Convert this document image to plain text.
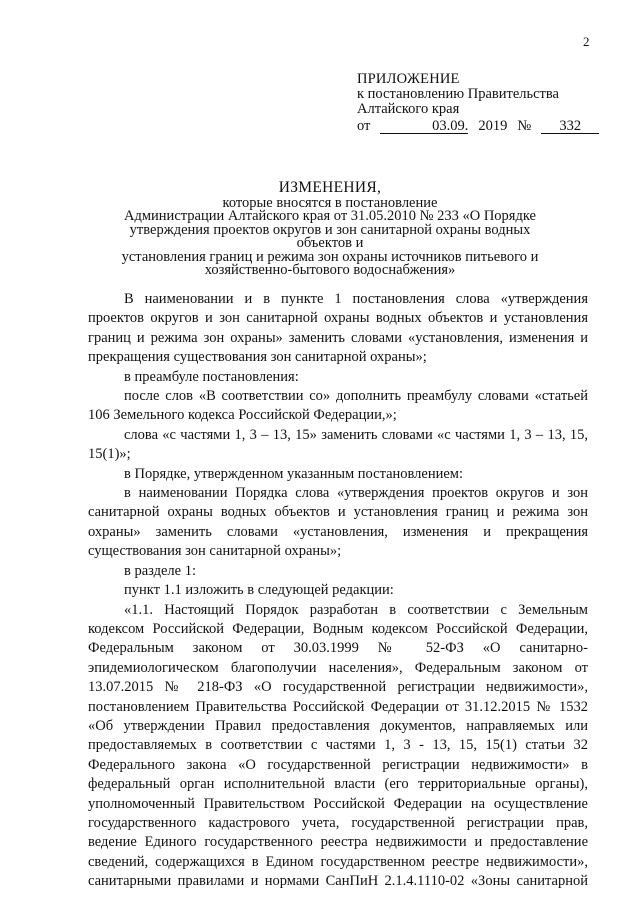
2
ПРИЛОЖЕНИЕ
к постановлению Правительства
Алтайского края
от	03.09. 2019 № 332
ИЗМЕНЕНИЯ,
которые вносятся в постановление
Администрации Алтайского края от 31.05.2010 № 233 «О Порядке
утверждения проектов округов и зон санитарной охраны водных объектов и
установления границ и режима зон охраны источников питьевого и
хозяйственно-бытового водоснабжения»

В наименовании и в пункте 1 постановления слова «утверждения проектов округов и зон санитарной охраны водных объектов и установления границ и режима зон охраны» заменить словами «установления, изменения и прекращения существования зон санитарной охраны»;

в преамбуле постановления:

после слов «В соответствии со» дополнить преамбулу словами «статьей 106 Земельного кодекса Российской Федерации,»;

слова «с частями 1, 3 – 13, 15» заменить словами «с частями 1, 3 – 13, 15, 15(1)»;

в Порядке, утвержденном указанным постановлением:

в наименовании Порядка слова «утверждения проектов округов и зон санитарной охраны водных объектов и установления границ и режима зон охраны» заменить словами «установления, изменения и прекращения существования зон санитарной охраны»;

в разделе 1:

пункт 1.1 изложить в следующей редакции:

«1.1. Настоящий Порядок разработан в соответствии с Земельным кодексом Российской Федерации, Водным кодексом Российской Федерации, Федеральным законом от 30.03.1999 № 52-ФЗ «О санитарно-эпидемиологическом благополучии населения», Федеральным законом от 13.07.2015 № 218-ФЗ «О государственной регистрации недвижимости», постановлением Правительства Российской Федерации от 31.12.2015 № 1532 «Об утверждении Правил предоставления документов, направляемых или предоставляемых в соответствии с частями 1, 3 - 13, 15, 15(1) статьи 32 Федерального закона «О государственной регистрации недвижимости» в федеральный орган исполнительной власти (его территориальные органы), уполномоченный Правительством Российской Федерации на осуществление государственного кадастрового учета, государственной регистрации прав, ведение Единого государственного реестра недвижимости и предоставление сведений, содержащихся в Едином государственном реестре недвижимости», санитарными правилами и нормами СанПиН 2.1.4.1110-02 «Зоны санитарной
